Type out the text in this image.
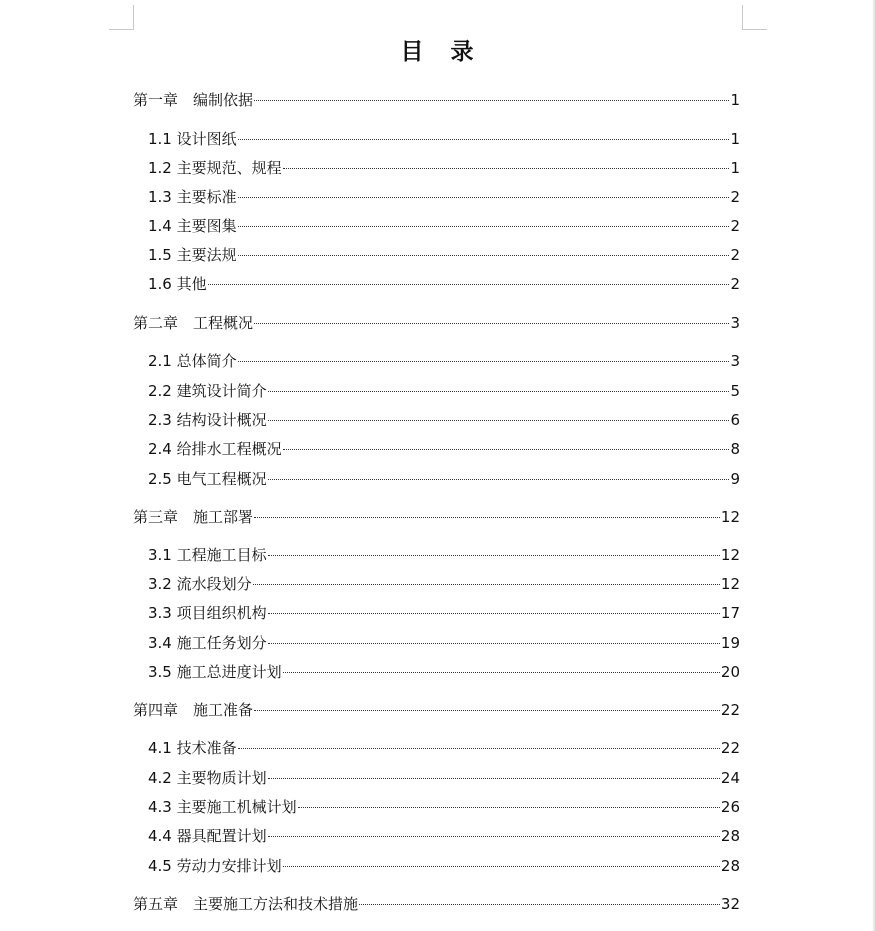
目 录
第一章　编制依据	1
1.1 设计图纸	1
1.2 主要规范、规程	1
1.3 主要标准	2
1.4 主要图集	2
1.5 主要法规	2
1.6 其他	2
第二章　工程概况	3
2.1 总体简介	3
2.2 建筑设计简介	5
2.3 结构设计概况	6
2.4 给排水工程概况	8
2.5 电气工程概况	9
第三章　施工部署	12
3.1 工程施工目标	12
3.2 流水段划分	12
3.3 项目组织机构	17
3.4 施工任务划分	19
3.5 施工总进度计划	20
第四章　施工准备	22
4.1 技术准备	22
4.2 主要物质计划	24
4.3 主要施工机械计划	26
4.4 器具配置计划	28
4.5 劳动力安排计划	28
第五章　主要施工方法和技术措施	32
